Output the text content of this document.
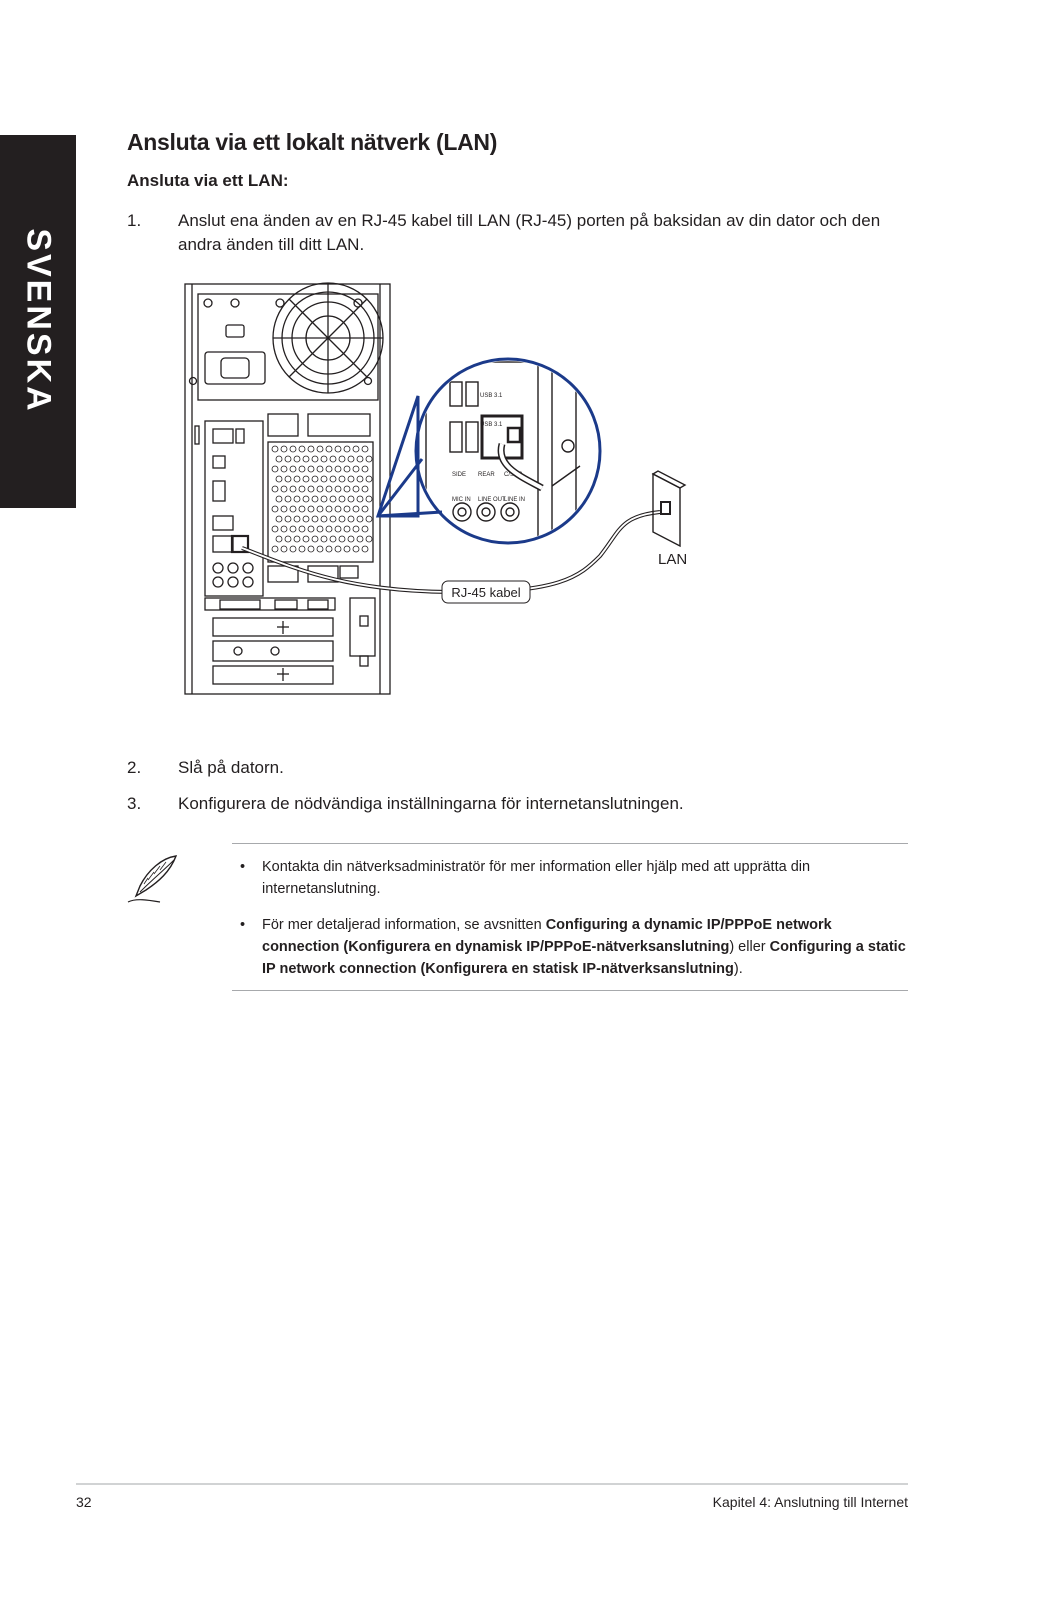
SVENSKA
Ansluta via ett lokalt nätverk (LAN)
Ansluta via ett LAN:
1. Anslut ena änden av en RJ-45 kabel till LAN (RJ-45) porten på baksidan av din dator och den andra änden till ditt LAN.
USB 3.1
USB 3.1
SIDE REAR C/SUB
MIC IN LINE OUT
LINE IN
LAN
RJ-45 kabel
2. Slå på datorn.
3. Konfigurera de nödvändiga inställningarna för internetanslutningen.
• Kontakta din nätverksadministratör för mer information eller hjälp med att upprätta din internetanslutning.
• För mer detaljerad information, se avsnitten Configuring a dynamic IP/PPPoE network connection (Konfigurera en dynamisk IP/PPPoE-nätverksanslutning) eller Configuring a static IP network connection (Konfigurera en statisk IP-nätverksanslutning).
32	Kapitel 4: Anslutning till Internet
